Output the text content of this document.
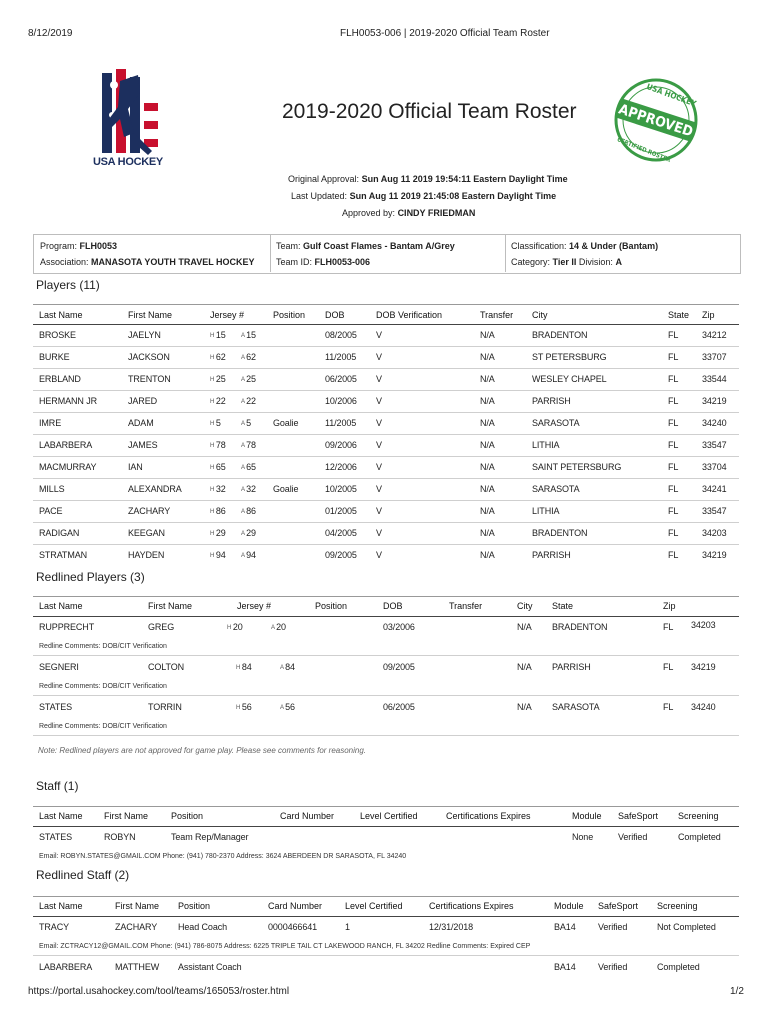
8/12/2019	FLH0053-006 | 2019-2020 Official Team Roster
USA HOCKEY
APPROVED
USA HOCKEY
CERTIFIED ROSTER
2019-2020 Official Team Roster
Original Approval: Sun Aug 11 2019 19:54:11 Eastern Daylight Time
Last Updated: Sun Aug 11 2019 21:45:08 Eastern Daylight Time
Approved by: CINDY FRIEDMAN
Program: FLH0053
Association: MANASOTA YOUTH TRAVEL HOCKEY
Team: Gulf Coast Flames - Bantam A/Grey
Team ID: FLH0053-006
Classification: 14 & Under (Bantam)
Category: Tier II Division: A
Players (11)
Last Name	First Name	Jersey #	Position DOB	DOB Verification	Transfer City	State Zip
BROSKE	JAELYN	H 15	A 15	08/2005 V	N/A	BRADENTON	FL	34212
BURKE	JACKSON	H 62	A 62	11/2005 V	N/A	ST PETERSBURG	FL	33707
ERBLAND	TRENTON	H 25	A 25	06/2005 V	N/A	WESLEY CHAPEL	FL	33544
HERMANN JR	JARED	H 22	A 22	10/2006 V	N/A	PARRISH	FL	34219
IMRE	ADAM	H 5	A 5 Goalie	11/2005 V	N/A	SARASOTA	FL	34240
LABARBERA	JAMES	H 78	A 78	09/2006 V	N/A	LITHIA	FL	33547
MACMURRAY	IAN	H 65	A 65	12/2006 V	N/A	SAINT PETERSBURG	FL	33704
MILLS	ALEXANDRA	H 32	A 32 Goalie	10/2005 V	N/A	SARASOTA	FL	34241
PACE	ZACHARY	H 86	A 86	01/2005 V	N/A	LITHIA	FL	33547
RADIGAN	KEEGAN	H 29	A 29	04/2005 V	N/A	BRADENTON	FL	34203
STRATMAN	HAYDEN	H 94	A 94	09/2005 V	N/A	PARRISH	FL	34219
Redlined Players (3)
Last Name	First Name	Jersey #	Position	DOB	Transfer	City State	Zip
RUPPRECHT	GREG	H 20	A 20	03/2006	N/A BRADENTON	FL 34203
Redline Comments: DOB/CIT Verification
SEGNERI	COLTON	H 84	A 84	09/2005	N/A PARRISH	FL 34219
Redline Comments: DOB/CIT Verification
STATES	TORRIN	H 56	A 56	06/2005	N/A SARASOTA	FL 34240
Redline Comments: DOB/CIT Verification
Note: Redlined players are not approved for game play. Please see comments for reasoning.
Staff (1)
Last Name First Name	Position	Card Number	Level Certified	Certifications Expires	Module SafeSport Screening
STATES	ROBYN	Team Rep/Manager	None	Verified	Completed
Email: ROBYN.STATES@GMAIL.COM Phone: (941) 780-2370 Address: 3624 ABERDEEN DR SARASOTA, FL 34240
Redlined Staff (2)
Last Name	First Name Position	Card Number	Level Certified	Certifications Expires	Module SafeSport Screening
TRACY	ZACHARY Head Coach	0000466641	1	12/31/2018	BA14 Verified	Not Completed
Email: ZCTRACY12@GMAIL.COM Phone: (941) 786-8075 Address: 6225 TRIPLE TAIL CT LAKEWOOD RANCH, FL 34202 Redline Comments: Expired CEP
LABARBERA	MATTHEW Assistant Coach	BA14 Verified	Completed
https://portal.usahockey.com/tool/teams/165053/roster.html	1/2
